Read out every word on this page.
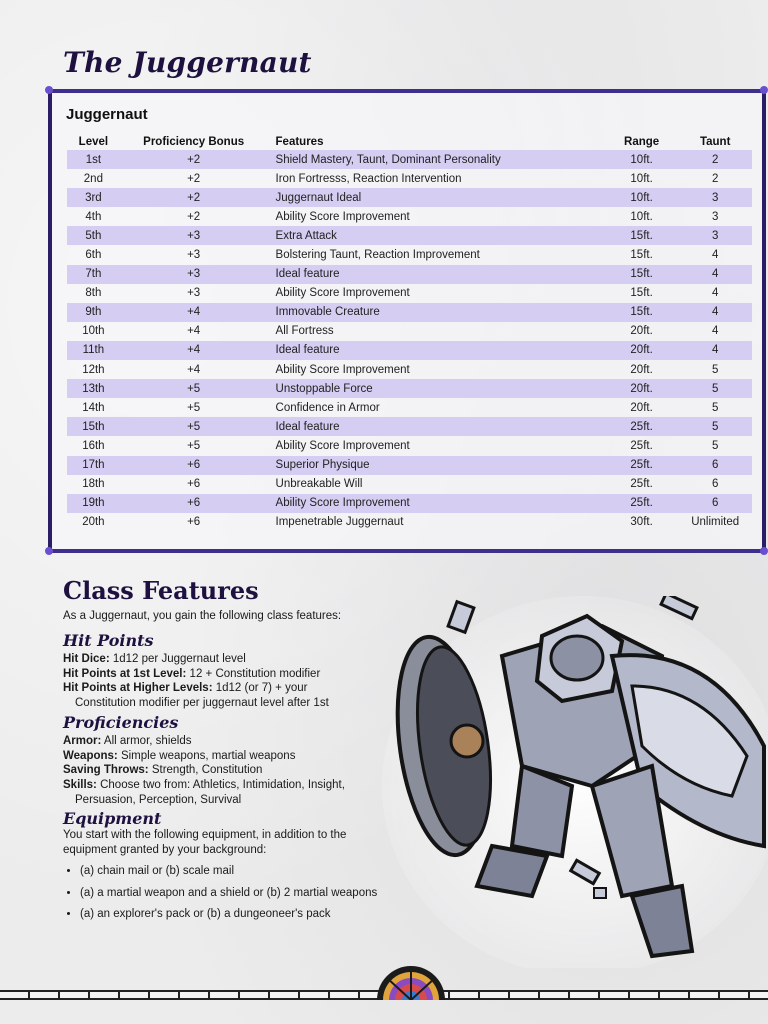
The Juggernaut
Juggernaut
Level	Proficiency Bonus	Features	Range	Taunt
1st	+2	Shield Mastery, Taunt, Dominant Personality	10ft.	2
2nd	+2	Iron Fortresss, Reaction Intervention	10ft.	2
3rd	+2	Juggernaut Ideal	10ft.	3
4th	+2	Ability Score Improvement	10ft.	3
5th	+3	Extra Attack	15ft.	3
6th	+3	Bolstering Taunt, Reaction Improvement	15ft.	4
7th	+3	Ideal feature	15ft.	4
8th	+3	Ability Score Improvement	15ft.	4
9th	+4	Immovable Creature	15ft.	4
10th	+4	All Fortress	20ft.	4
11th	+4	Ideal feature	20ft.	4
12th	+4	Ability Score Improvement	20ft.	5
13th	+5	Unstoppable Force	20ft.	5
14th	+5	Confidence in Armor	20ft.	5
15th	+5	Ideal feature	25ft.	5
16th	+5	Ability Score Improvement	25ft.	5
17th	+6	Superior Physique	25ft.	6
18th	+6	Unbreakable Will	25ft.	6
19th	+6	Ability Score Improvement	25ft.	6
20th	+6	Impenetrable Juggernaut	30ft.	Unlimited
Class Features
As a Juggernaut, you gain the following class features:
Hit Points
Hit Dice: 1d12 per Juggernaut level
Hit Points at 1st Level: 12 + Constitution modifier
Hit Points at Higher Levels: 1d12 (or 7) + your
Constitution modifier per juggernaut level after 1st
Proficiencies
Armor: All armor, shields
Weapons: Simple weapons, martial weapons
Saving Throws: Strength, Constitution
Skills: Choose two from: Athletics, Intimidation, Insight,
Persuasion, Perception, Survival
Equipment
You start with the following equipment, in addition to the
equipment granted by your background:
• (a) chain mail or (b) scale mail
• (a) a martial weapon and a shield or (b) 2 martial weapons
• (a) an explorer's pack or (b) a dungeoneer's pack
